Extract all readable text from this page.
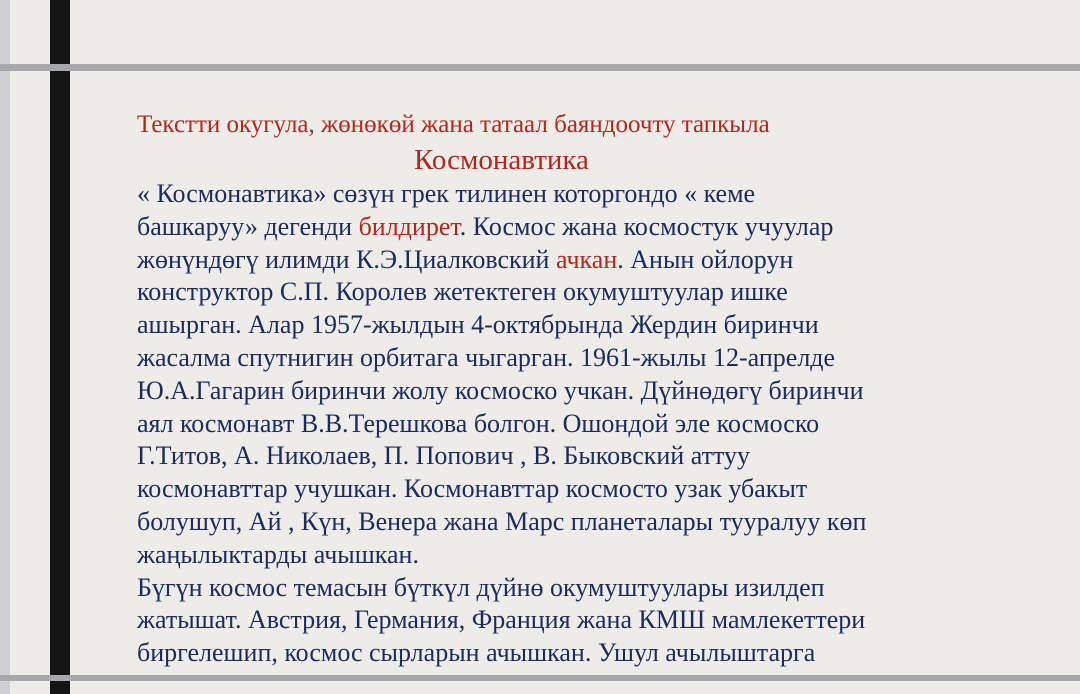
Текстти окугула, жөнөкөй жана татаал баяндоочту тапкыла

Космонавтика

« Космонавтика» сөзүн грек тилинен которгондо « кеме
башкаруу» дегенди билдирет. Космос жана космостук учуулар
жөнүндөгү илимди К.Э.Циалковский ачкан. Анын ойлорун
конструктор С.П. Королев жетектеген окумуштуулар ишке
ашырган. Алар 1957-жылдын 4-октябрында Жердин биринчи
жасалма спутнигин орбитага чыгарган. 1961-жылы 12-апрелде
Ю.А.Гагарин биринчи жолу космоско учкан. Дүйнөдөгү биринчи
аял космонавт В.В.Терешкова болгон. Ошондой эле космоско
Г.Титов, А. Николаев, П. Попович , В. Быковский аттуу
космонавттар учушкан. Космонавттар космосто узак убакыт
болушуп, Ай , Күн, Венера жана Марс планеталары тууралуу көп
жаңылыктарды ачышкан.
Бүгүн космос темасын бүткүл дүйнө окумуштуулары изилдеп
жатышат. Австрия, Германия, Франция жана КМШ мамлекеттери
биргелешип, космос сырларын ачышкан. Ушул ачылыштарга
